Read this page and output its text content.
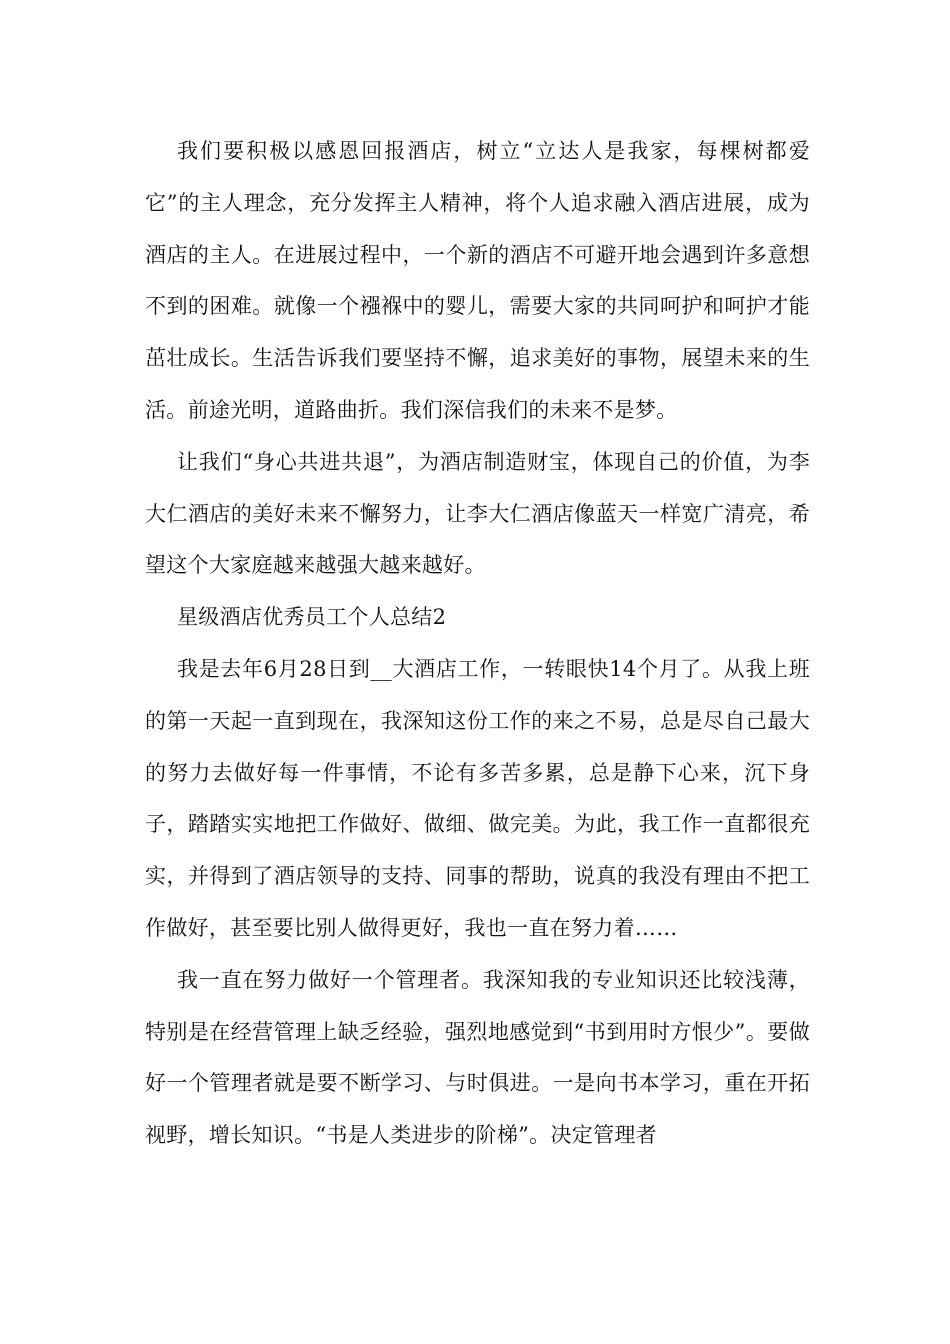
我们要积极以感恩回报酒店，树立“立达人是我家，每棵树都爱它”的主人理念，充分发挥主人精神，将个人追求融入酒店进展，成为酒店的主人。在进展过程中，一个新的酒店不可避开地会遇到许多意想不到的困难。就像一个襁褓中的婴儿，需要大家的共同呵护和呵护才能茁壮成长。生活告诉我们要坚持不懈，追求美好的事物，展望未来的生活。前途光明，道路曲折。我们深信我们的未来不是梦。

让我们“身心共进共退”，为酒店制造财宝，体现自己的价值，为李大仁酒店的美好未来不懈努力，让李大仁酒店像蓝天一样宽广清亮，希望这个大家庭越来越强大越来越好。

星级酒店优秀员工个人总结2

我是去年6月28日到__大酒店工作，一转眼快14个月了。从我上班的第一天起一直到现在，我深知这份工作的来之不易，总是尽自己最大的努力去做好每一件事情，不论有多苦多累，总是静下心来，沉下身子，踏踏实实地把工作做好、做细、做完美。为此，我工作一直都很充实，并得到了酒店领导的支持、同事的帮助，说真的我没有理由不把工作做好，甚至要比别人做得更好，我也一直在努力着……

我一直在努力做好一个管理者。我深知我的专业知识还比较浅薄，特别是在经营管理上缺乏经验，强烈地感觉到“书到用时方恨少”。要做好一个管理者就是要不断学习、与时俱进。一是向书本学习，重在开拓视野，增长知识。“书是人类进步的阶梯”。决定管理者
